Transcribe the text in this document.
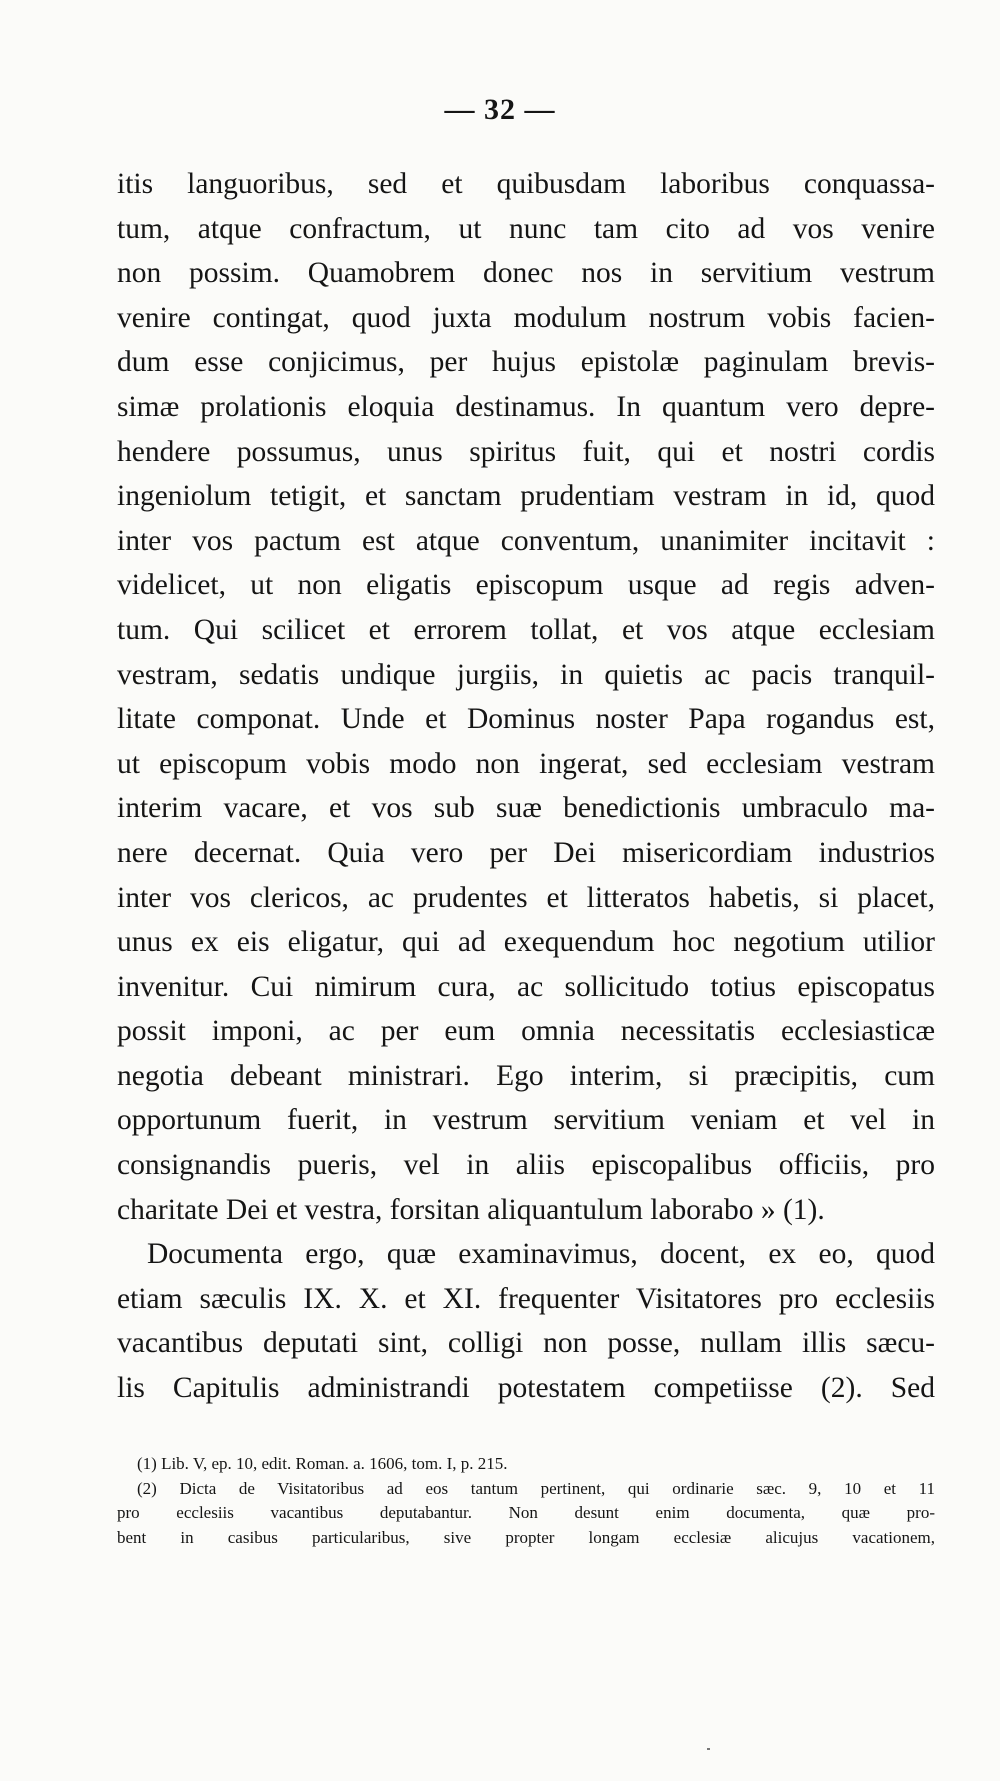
— 32 —
itis languoribus, sed et quibusdam laboribus conquassa-
tum, atque confractum, ut nunc tam cito ad vos venire
non possim. Quamobrem donec nos in servitium vestrum
venire contingat, quod juxta modulum nostrum vobis facien-
dum esse conjicimus, per hujus epistolæ paginulam brevis-
simæ prolationis eloquia destinamus. In quantum vero depre-
hendere possumus, unus spiritus fuit, qui et nostri cordis
ingeniolum tetigit, et sanctam prudentiam vestram in id, quod
inter vos pactum est atque conventum, unanimiter incitavit :
videlicet, ut non eligatis episcopum usque ad regis adven-
tum. Qui scilicet et errorem tollat, et vos atque ecclesiam
vestram, sedatis undique jurgiis, in quietis ac pacis tranquil-
litate componat. Unde et Dominus noster Papa rogandus est,
ut episcopum vobis modo non ingerat, sed ecclesiam vestram
interim vacare, et vos sub suæ benedictionis umbraculo ma-
nere decernat. Quia vero per Dei misericordiam industrios
inter vos clericos, ac prudentes et litteratos habetis, si placet,
unus ex eis eligatur, qui ad exequendum hoc negotium utilior
invenitur. Cui nimirum cura, ac sollicitudo totius episcopatus
possit imponi, ac per eum omnia necessitatis ecclesiasticæ
negotia debeant ministrari. Ego interim, si præcipitis, cum
opportunum fuerit, in vestrum servitium veniam et vel in
consignandis pueris, vel in aliis episcopalibus officiis, pro
charitate Dei et vestra, forsitan aliquantulum laborabo » (1).
Documenta ergo, quæ examinavimus, docent, ex eo, quod
etiam sæculis IX. X. et XI. frequenter Visitatores pro ecclesiis
vacantibus deputati sint, colligi non posse, nullam illis sæcu-
lis Capitulis administrandi potestatem competiisse (2). Sed
(1) Lib. V, ep. 10, edit. Roman. a. 1606, tom. I, p. 215.
(2) Dicta de Visitatoribus ad eos tantum pertinent, qui ordinarie sæc. 9, 10 et 11
pro ecclesiis vacantibus deputabantur. Non desunt enim documenta, quæ pro-
bent in casibus particularibus, sive propter longam ecclesiæ alicujus vacationem,
